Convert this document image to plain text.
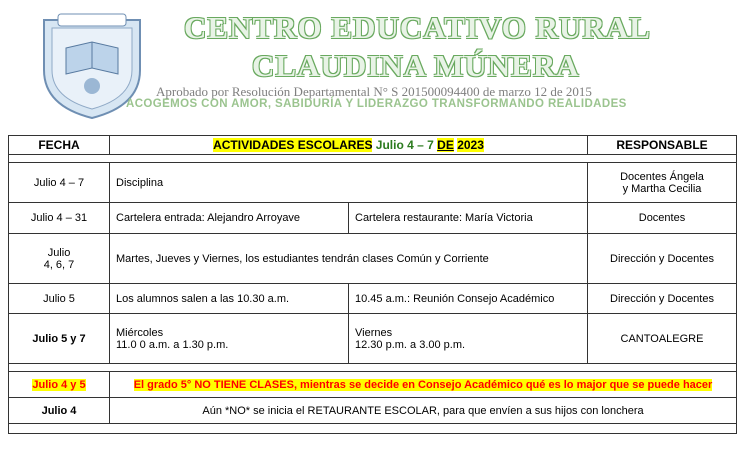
CENTRO EDUCATIVO RURAL
CLAUDINA MÚNERA
Aprobado por Resolución Departamental N° S 201500094400 de marzo 12 de 2015
ACOGEMOS CON AMOR, SABIDURÍA Y LIDERAZGO TRANSFORMANDO REALIDADES
FECHA	ACTIVIDADES ESCOLARES Julio 4 – 7 DE 2023		RESPONSABLE

Julio 4 – 7	Disciplina		Docentes Ángela
y Martha Cecilia

Julio 4 – 31	Cartelera entrada: Alejandro Arroyave	Cartelera restaurante: María Victoria	Docentes

Julio
4, 6, 7	Martes, Jueves y Viernes, los estudiantes tendrán clases Común y Corriente		Dirección y Docentes
Julio 5	Los alumnos salen a las 10.30 a.m.	10.45 a.m.: Reunión Consejo Académico	Dirección y Docentes
Julio 5 y 7	Miércoles
11.0 0 a.m. a 1.30 p.m.	Viernes
12.30 p.m. a 3.00 p.m.	CANTOALEGRE

Julio 4 y 5	El grado 5° NO TIENE CLASES, mientras se decide en Consejo Académico qué es lo major que se puede hacer		
Julio 4	Aún *NO* se inicia el RETAURANTE ESCOLAR, para que envíen a sus hijos con lonchera		
